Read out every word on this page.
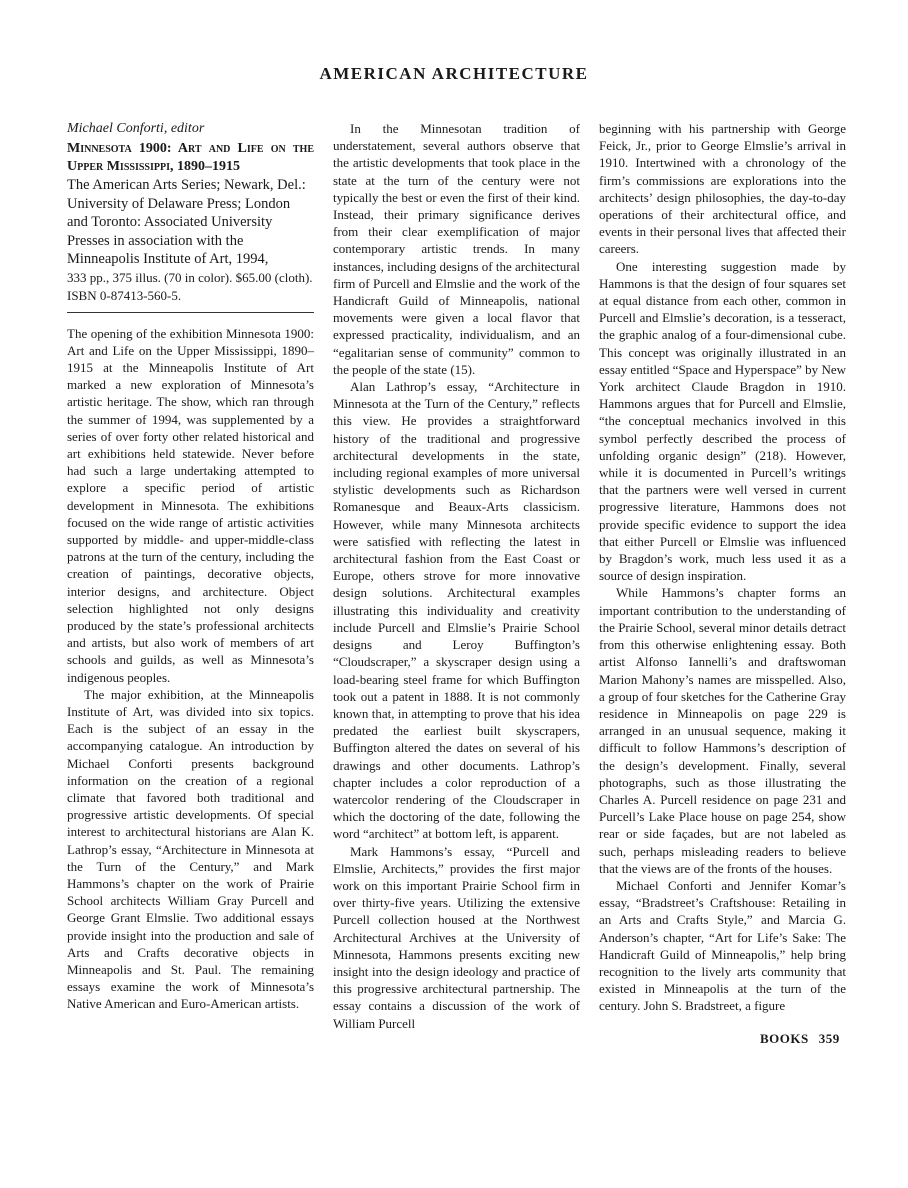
AMERICAN ARCHITECTURE
Michael Conforti, editor
Minnesota 1900: Art and Life on the Upper Mississippi, 1890–1915
The American Arts Series; Newark, Del.: University of Delaware Press; London and Toronto: Associated University Presses in association with the Minneapolis Institute of Art, 1994,
333 pp., 375 illus. (70 in color). $65.00 (cloth). ISBN 0-87413-560-5.

The opening of the exhibition Minnesota 1900: Art and Life on the Upper Mississippi, 1890–1915 at the Minneapolis Institute of Art marked a new exploration of Minnesota’s artistic heritage. The show, which ran through the summer of 1994, was supplemented by a series of over forty other related historical and art exhibitions held statewide. Never before had such a large undertaking attempted to explore a specific period of artistic development in Minnesota. The exhibitions focused on the wide range of artistic activities supported by middle- and upper-middle-class patrons at the turn of the century, including the creation of paintings, decorative objects, interior designs, and architecture. Object selection highlighted not only designs produced by the state’s professional architects and artists, but also work of members of art schools and guilds, as well as Minnesota’s indigenous peoples.

The major exhibition, at the Minneapolis Institute of Art, was divided into six topics. Each is the subject of an essay in the accompanying catalogue. An introduction by Michael Conforti presents background information on the creation of a regional climate that favored both traditional and progressive artistic developments. Of special interest to architectural historians are Alan K. Lathrop’s essay, “Architecture in Minnesota at the Turn of the Century,” and Mark Hammons’s chapter on the work of Prairie School architects William Gray Purcell and George Grant Elmslie. Two additional essays provide insight into the production and sale of Arts and Crafts decorative objects in Minneapolis and St. Paul. The remaining essays examine the work of Minnesota’s Native American and Euro-American artists.

In the Minnesotan tradition of understatement, several authors observe that the artistic developments that took place in the state at the turn of the century were not typically the best or even the first of their kind. Instead, their primary significance derives from their clear exemplification of major contemporary artistic trends. In many instances, including designs of the architectural firm of Purcell and Elmslie and the work of the Handicraft Guild of Minneapolis, national movements were given a local flavor that expressed practicality, individualism, and an “egalitarian sense of community” common to the people of the state (15).

Alan Lathrop’s essay, “Architecture in Minnesota at the Turn of the Century,” reflects this view. He provides a straightforward history of the traditional and progressive architectural developments in the state, including regional examples of more universal stylistic developments such as Richardson Romanesque and Beaux-Arts classicism. However, while many Minnesota architects were satisfied with reflecting the latest in architectural fashion from the East Coast or Europe, others strove for more innovative design solutions. Architectural examples illustrating this individuality and creativity include Purcell and Elmslie’s Prairie School designs and Leroy Buffington’s “Cloudscraper,” a skyscraper design using a load-bearing steel frame for which Buffington took out a patent in 1888. It is not commonly known that, in attempting to prove that his idea predated the earliest built skyscrapers, Buffington altered the dates on several of his drawings and other documents. Lathrop’s chapter includes a color reproduction of a watercolor rendering of the Cloudscraper in which the doctoring of the date, following the word “architect” at bottom left, is apparent.

Mark Hammons’s essay, “Purcell and Elmslie, Architects,” provides the first major work on this important Prairie School firm in over thirty-five years. Utilizing the extensive Purcell collection housed at the Northwest Architectural Archives at the University of Minnesota, Hammons presents exciting new insight into the design ideology and practice of this progressive architectural partnership. The essay contains a discussion of the work of William Purcell

beginning with his partnership with George Feick, Jr., prior to George Elmslie’s arrival in 1910. Intertwined with a chronology of the firm’s commissions are explorations into the architects’ design philosophies, the day-to-day operations of their architectural office, and events in their personal lives that affected their careers.

One interesting suggestion made by Hammons is that the design of four squares set at equal distance from each other, common in Purcell and Elmslie’s decoration, is a tesseract, the graphic analog of a four-dimensional cube. This concept was originally illustrated in an essay entitled “Space and Hyperspace” by New York architect Claude Bragdon in 1910. Hammons argues that for Purcell and Elmslie, “the conceptual mechanics involved in this symbol perfectly described the process of unfolding organic design” (218). However, while it is documented in Purcell’s writings that the partners were well versed in current progressive literature, Hammons does not provide specific evidence to support the idea that either Purcell or Elmslie was influenced by Bragdon’s work, much less used it as a source of design inspiration.

While Hammons’s chapter forms an important contribution to the understanding of the Prairie School, several minor details detract from this otherwise enlightening essay. Both artist Alfonso Iannelli’s and draftswoman Marion Mahony’s names are misspelled. Also, a group of four sketches for the Catherine Gray residence in Minneapolis on page 229 is arranged in an unusual sequence, making it difficult to follow Hammons’s description of the design’s development. Finally, several photographs, such as those illustrating the Charles A. Purcell residence on page 231 and Purcell’s Lake Place house on page 254, show rear or side façades, but are not labeled as such, perhaps misleading readers to believe that the views are of the fronts of the houses.

Michael Conforti and Jennifer Komar’s essay, “Bradstreet’s Craftshouse: Retailing in an Arts and Crafts Style,” and Marcia G. Anderson’s chapter, “Art for Life’s Sake: The Handicraft Guild of Minneapolis,” help bring recognition to the lively arts community that existed in Minneapolis at the turn of the century. John S. Bradstreet, a figure

BOOKS 359
